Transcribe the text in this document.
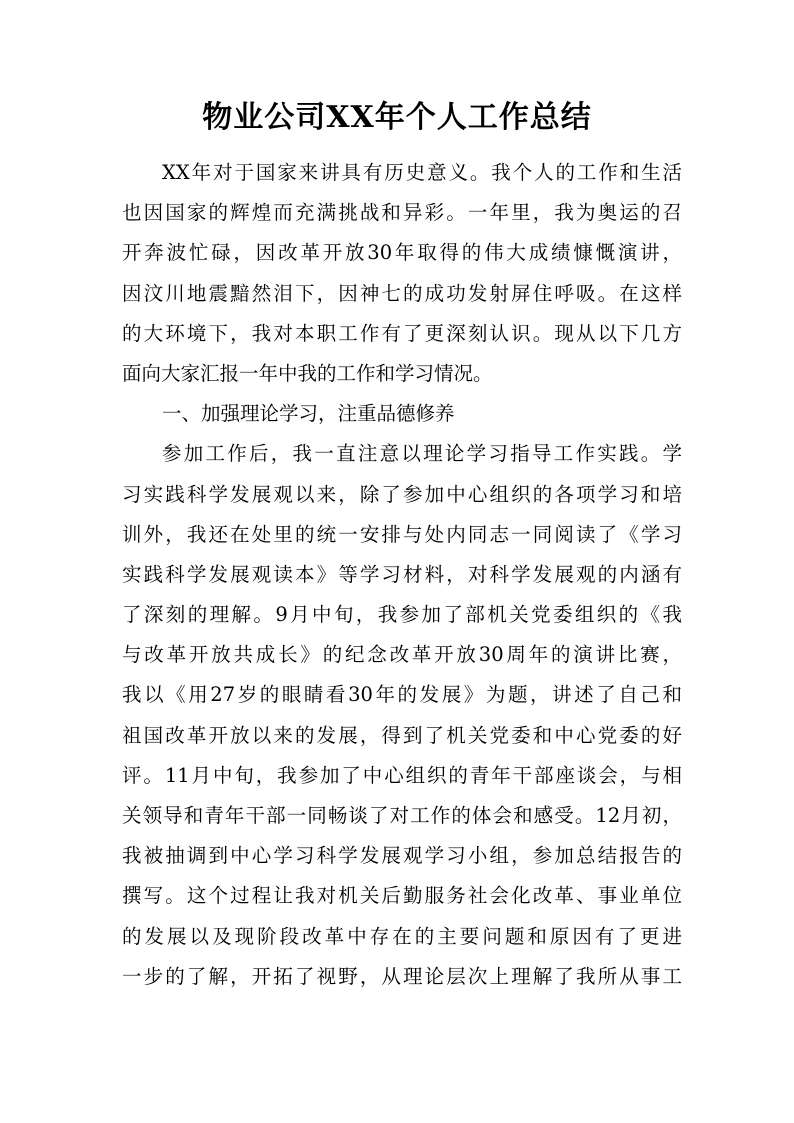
物业公司XX年个人工作总结
XX年对于国家来讲具有历史意义。我个人的工作和生活
也因国家的辉煌而充满挑战和异彩。一年里，我为奥运的召
开奔波忙碌，因改革开放30年取得的伟大成绩慷慨演讲，
因汶川地震黯然泪下，因神七的成功发射屏住呼吸。在这样
的大环境下，我对本职工作有了更深刻认识。现从以下几方
面向大家汇报一年中我的工作和学习情况。
一、加强理论学习，注重品德修养
参加工作后，我一直注意以理论学习指导工作实践。学
习实践科学发展观以来，除了参加中心组织的各项学习和培
训外，我还在处里的统一安排与处内同志一同阅读了《学习
实践科学发展观读本》等学习材料，对科学发展观的内涵有
了深刻的理解。9月中旬，我参加了部机关党委组织的《我
与改革开放共成长》的纪念改革开放30周年的演讲比赛，
我以《用27岁的眼睛看30年的发展》为题，讲述了自己和
祖国改革开放以来的发展，得到了机关党委和中心党委的好
评。11月中旬，我参加了中心组织的青年干部座谈会，与相
关领导和青年干部一同畅谈了对工作的体会和感受。12月初，
我被抽调到中心学习科学发展观学习小组，参加总结报告的
撰写。这个过程让我对机关后勤服务社会化改革、事业单位
的发展以及现阶段改革中存在的主要问题和原因有了更进
一步的了解，开拓了视野，从理论层次上理解了我所从事工
